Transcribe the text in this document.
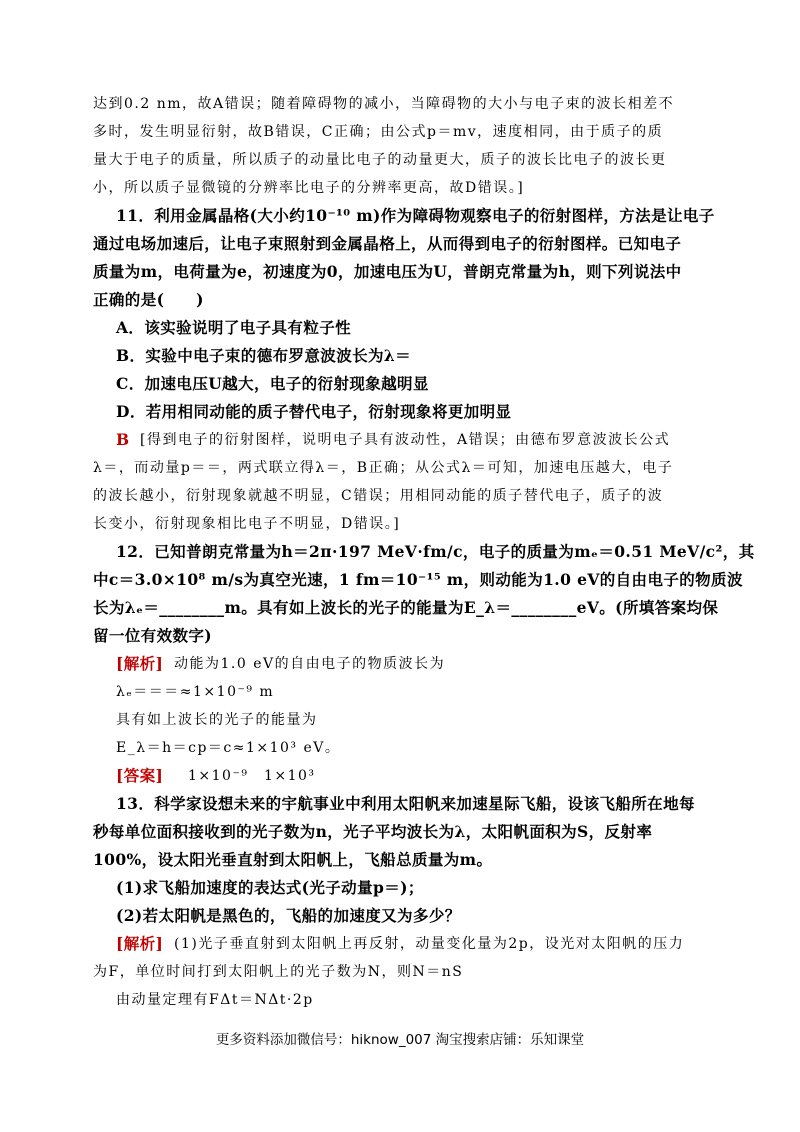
达到0.2 nm，故A错误；随着障碍物的减小，当障碍物的大小与电子束的波长相差不
多时，发生明显衍射，故B错误，C正确；由公式p＝mv，速度相同，由于质子的质
量大于电子的质量，所以质子的动量比电子的动量更大，质子的波长比电子的波长更
小，所以质子显微镜的分辨率比电子的分辨率更高，故D错误。]
11．利用金属晶格(大小约10⁻¹⁰ m)作为障碍物观察电子的衍射图样，方法是让电子
通过电场加速后，让电子束照射到金属晶格上，从而得到电子的衍射图样。已知电子
质量为m，电荷量为e，初速度为0，加速电压为U，普朗克常量为h，则下列说法中
正确的是(　　)
A．该实验说明了电子具有粒子性
B．实验中电子束的德布罗意波波长为λ＝
C．加速电压U越大，电子的衍射现象越明显
D．若用相同动能的质子替代电子，衍射现象将更加明显
B [得到电子的衍射图样，说明电子具有波动性，A错误；由德布罗意波波长公式
λ＝，而动量p＝＝，两式联立得λ＝，B正确；从公式λ＝可知，加速电压越大，电子
的波长越小，衍射现象就越不明显，C错误；用相同动能的质子替代电子，质子的波
长变小，衍射现象相比电子不明显，D错误。]
12．已知普朗克常量为h＝2π·197 MeV·fm/c，电子的质量为mₑ＝0.51 MeV/c²，其
中c＝3.0×10⁸ m/s为真空光速，1 fm＝10⁻¹⁵ m，则动能为1.0 eV的自由电子的物质波
长为λₑ＝________m。具有如上波长的光子的能量为E_λ＝________eV。(所填答案均保
留一位有效数字)
[解析] 动能为1.0 eV的自由电子的物质波长为
λₑ＝＝＝≈1×10⁻⁹ m
具有如上波长的光子的能量为
E_λ＝h＝cp＝c≈1×10³ eV。
[答案] 1×10⁻⁹　1×10³
13．科学家设想未来的宇航事业中利用太阳帆来加速星际飞船，设该飞船所在地每
秒每单位面积接收到的光子数为n，光子平均波长为λ，太阳帆面积为S，反射率
100%，设太阳光垂直射到太阳帆上，飞船总质量为m。
(1)求飞船加速度的表达式(光子动量p＝)；
(2)若太阳帆是黑色的，飞船的加速度又为多少？
[解析] (1)光子垂直射到太阳帆上再反射，动量变化量为2p，设光对太阳帆的压力
为F，单位时间打到太阳帆上的光子数为N，则N＝nS
由动量定理有FΔt＝NΔt·2p
更多资料添加微信号：hiknow_007 淘宝搜索店铺：乐知课堂
